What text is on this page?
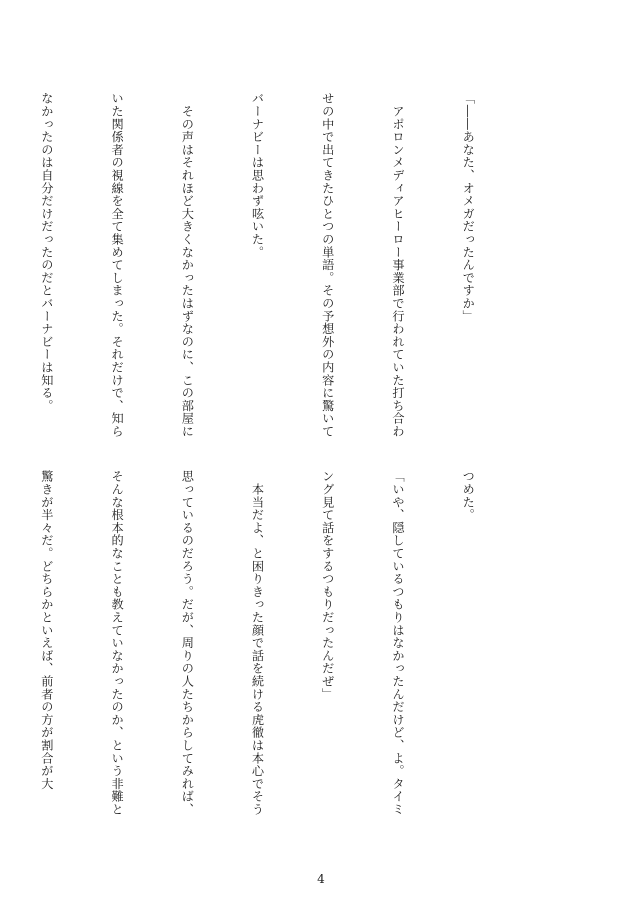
「――あなた、オメガだったんですか」

　アポロンメディアヒーロー事業部で行われていた打ち合わ

せの中で出てきたひとつの単語。その予想外の内容に驚いて

バーナビーは思わず呟いた。

　その声はそれほど大きくなかったはずなのに、この部屋に

いた関係者の視線を全て集めてしまった。それだけで、知ら

なかったのは自分だけだったのだとバーナビーは知る。

つめた。

「いや、隠しているつもりはなかったんだけど、よ。タイミ

ング見て話をするつもりだったんだぜ」

　本当だよ、と困りきった顔で話を続ける虎徹は本心でそう

思っているのだろう。だが、周りの人たちからしてみれば、

そんな根本的なことも教えていなかったのか、という非難と

驚きが半々だ。どちらかといえば、前者の方が割合が大

4
